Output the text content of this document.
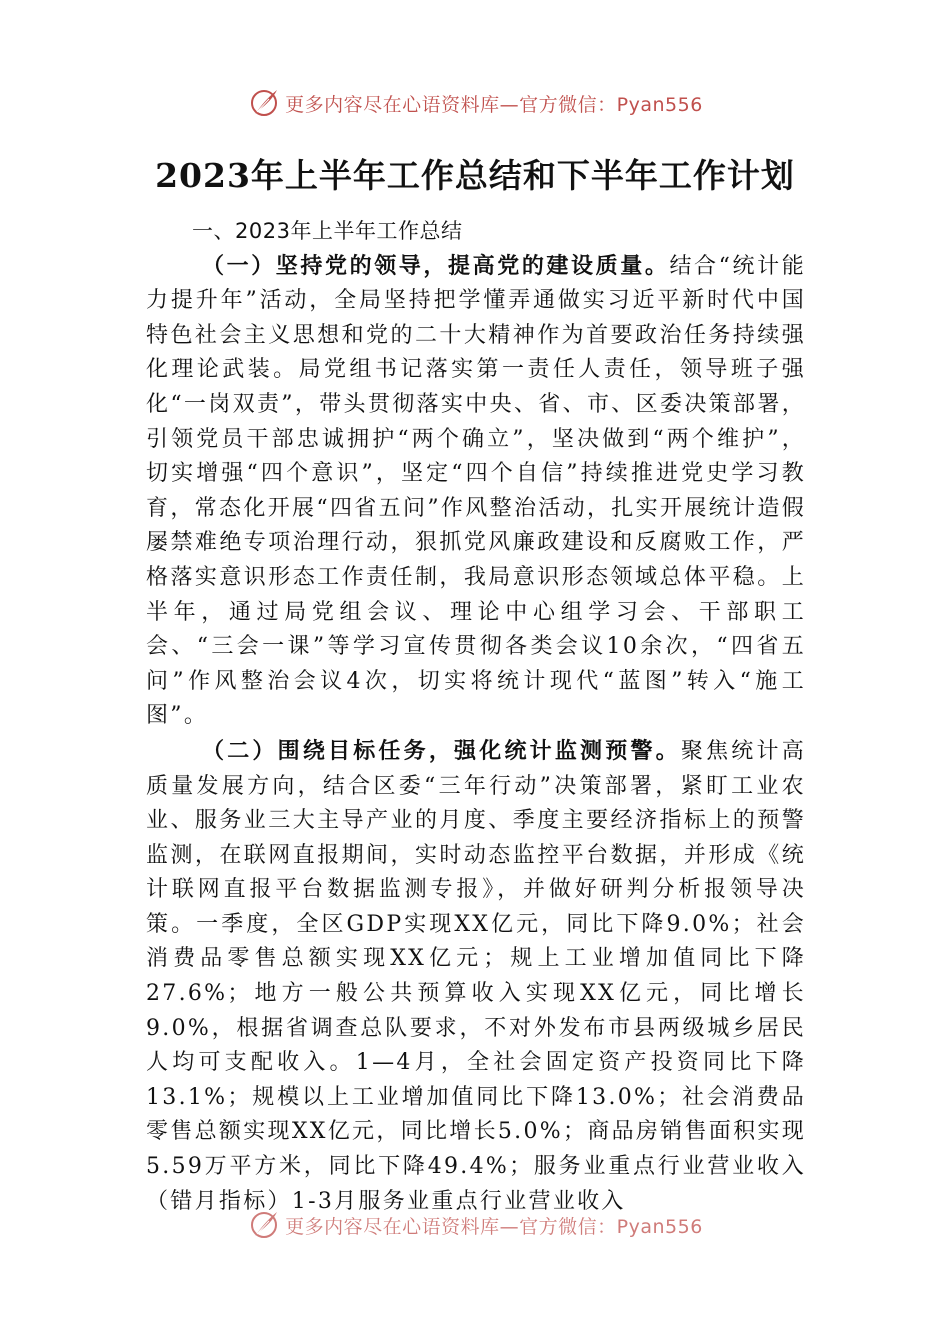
更多内容尽在心语资料库—官方微信：Pyan556
2023年上半年工作总结和下半年工作计划

一、2023年上半年工作总结

（一）坚持党的领导，提高党的建设质量。结合“统计能力提升年”活动，全局坚持把学懂弄通做实习近平新时代中国特色社会主义思想和党的二十大精神作为首要政治任务持续强化理论武装。局党组书记落实第一责任人责任，领导班子强化“一岗双责”，带头贯彻落实中央、省、市、区委决策部署，引领党员干部忠诚拥护“两个确立”，坚决做到“两个维护”，切实增强“四个意识”，坚定“四个自信”持续推进党史学习教育，常态化开展“四省五问”作风整治活动，扎实开展统计造假屡禁难绝专项治理行动，狠抓党风廉政建设和反腐败工作，严格落实意识形态工作责任制，我局意识形态领域总体平稳。上半年，通过局党组会议、理论中心组学习会、干部职工会、“三会一课”等学习宣传贯彻各类会议10余次，“四省五问”作风整治会议4次，切实将统计现代“蓝图”转入“施工图”。

（二）围绕目标任务，强化统计监测预警。聚焦统计高质量发展方向，结合区委“三年行动”决策部署，紧盯工业农业、服务业三大主导产业的月度、季度主要经济指标上的预警监测，在联网直报期间，实时动态监控平台数据，并形成《统计联网直报平台数据监测专报》，并做好研判分析报领导决策。一季度，全区GDP实现XX亿元，同比下降9.0%；社会消费品零售总额实现XX亿元；规上工业增加值同比下降27.6%；地方一般公共预算收入实现XX亿元，同比增长9.0%，根据省调查总队要求，不对外发布市县两级城乡居民人均可支配收入。1—4月，全社会固定资产投资同比下降13.1%；规模以上工业增加值同比下降13.0%；社会消费品零售总额实现XX亿元，同比增长5.0%；商品房销售面积实现5.59万平方米，同比下降49.4%；服务业重点行业营业收入（错月指标）1-3月服务业重点行业营业收入

更多内容尽在心语资料库—官方微信：Pyan556
